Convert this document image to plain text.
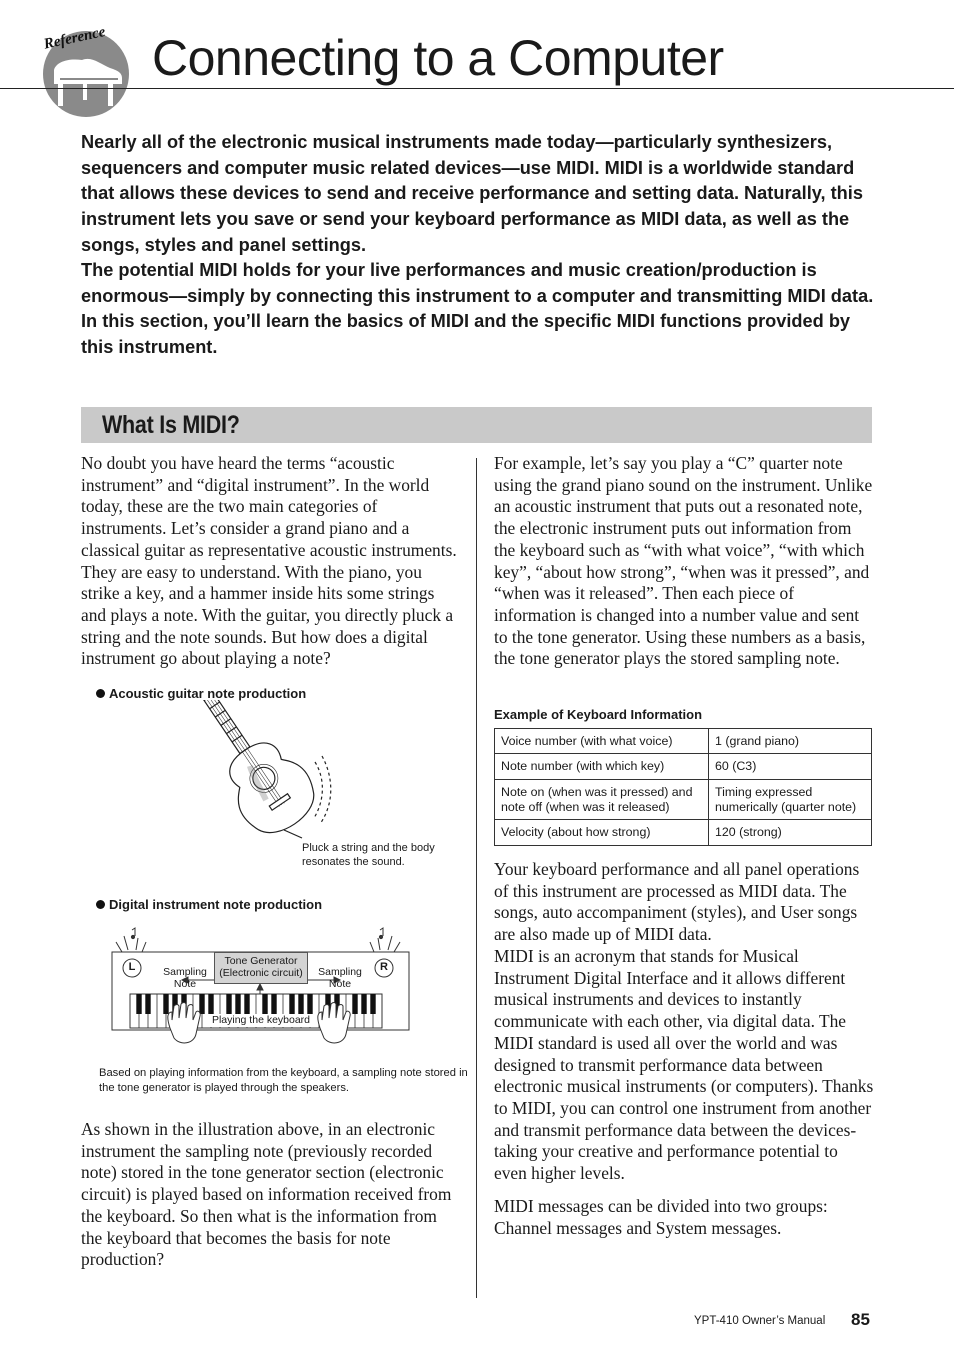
Reference Connecting to a Computer

Nearly all of the electronic musical instruments made today—particularly synthesizers, sequencers and computer music related devices—use MIDI. MIDI is a worldwide standard that allows these devices to send and receive performance and setting data. Naturally, this instrument lets you save or send your keyboard performance as MIDI data, as well as the songs, styles and panel settings.

The potential MIDI holds for your live performances and music creation/production is enormous—simply by connecting this instrument to a computer and transmitting MIDI data. In this section, you’ll learn the basics of MIDI and the specific MIDI functions provided by this instrument.

What Is MIDI?

No doubt you have heard the terms “acoustic instrument” and “digital instrument”. In the world today, these are the two main categories of instruments. Let’s consider a grand piano and a classical guitar as representative acoustic instruments. They are easy to understand. With the piano, you strike a key, and a hammer inside hits some strings and plays a note. With the guitar, you directly pluck a string and the note sounds. But how does a digital instrument go about playing a note?

Acoustic guitar note production
Pluck a string and the body resonates the sound.
Digital instrument note production
L	R
Sampling Note
Sampling Note
Tone Generator (Electronic circuit)
Playing the keyboard
Based on playing information from the keyboard, a sampling note stored in the tone generator is played through the speakers.

As shown in the illustration above, in an electronic instrument the sampling note (previously recorded note) stored in the tone generator section (electronic circuit) is played based on information received from the keyboard. So then what is the information from the keyboard that becomes the basis for note production?

For example, let’s say you play a “C” quarter note using the grand piano sound on the instrument. Unlike an acoustic instrument that puts out a resonated note, the electronic instrument puts out information from the keyboard such as “with what voice”, “with which key”, “about how strong”, “when was it pressed”, and “when was it released”. Then each piece of information is changed into a number value and sent to the tone generator. Using these numbers as a basis, the tone generator plays the stored sampling note.

Example of Keyboard Information
Voice number (with what voice)	1 (grand piano)
Note number (with which key)	60 (C3)
Note on (when was it pressed) and note off (when was it released)	Timing expressed numerically (quarter note)
Velocity (about how strong)	120 (strong)

Your keyboard performance and all panel operations of this instrument are processed as MIDI data. The songs, auto accompaniment (styles), and User songs are also made up of MIDI data.

MIDI is an acronym that stands for Musical Instrument Digital Interface and it allows different musical instruments and devices to instantly communicate with each other, via digital data. The MIDI standard is used all over the world and was designed to transmit performance data between electronic musical instruments (or computers). Thanks to MIDI, you can control one instrument from another and transmit performance data between the devices-taking your creative and performance potential to even higher levels.

MIDI messages can be divided into two groups: Channel messages and System messages.

YPT-410 Owner’s Manual 85
